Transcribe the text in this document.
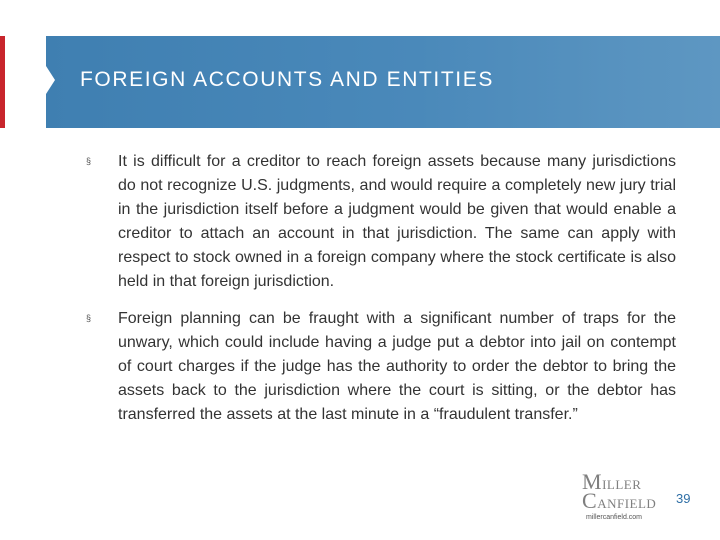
FOREIGN ACCOUNTS AND ENTITIES
§	It is difficult for a creditor to reach foreign assets because many jurisdictions do not recognize U.S. judgments, and would require a completely new jury trial in the jurisdiction itself before a judgment would be given that would enable a creditor to attach an account in that jurisdiction. The same can apply with respect to stock owned in a foreign company where the stock certificate is also held in that foreign jurisdiction.
§	Foreign planning can be fraught with a significant number of traps for the unwary, which could include having a judge put a debtor into jail on contempt of court charges if the judge has the authority to order the debtor to bring the assets back to the jurisdiction where the court is sitting, or the debtor has transferred the assets at the last minute in a “fraudulent transfer.”
MILLER
CANFIELD
millercanfield.com
39
